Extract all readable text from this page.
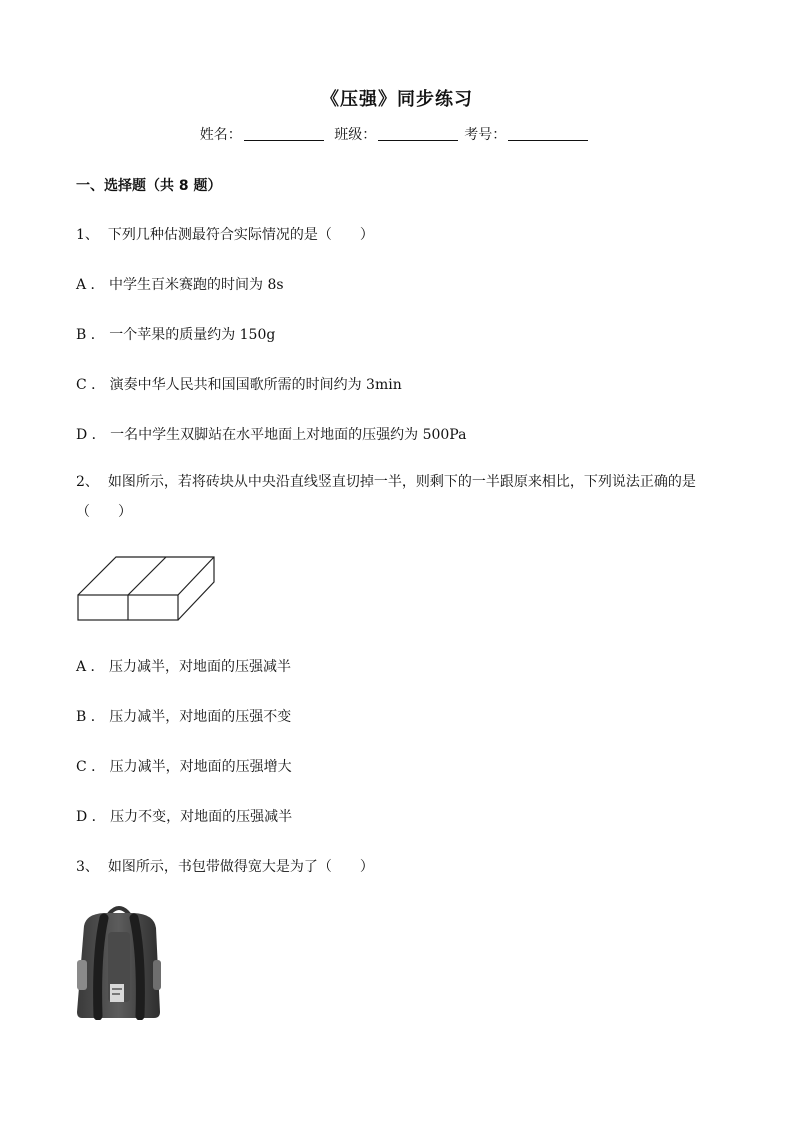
《压强》同步练习
姓名：	班级：	考号：
一、选择题（共 8 题）
1、 下列几种估测最符合实际情况的是（　　）
A ． 中学生百米赛跑的时间为 8s
B ． 一个苹果的质量约为 150g
C ． 演奏中华人民共和国国歌所需的时间约为 3min
D ． 一名中学生双脚站在水平地面上对地面的压强约为 500Pa
2、 如图所示，若将砖块从中央沿直线竖直切掉一半，则剩下的一半跟原来相比，下列说法正确的是（　　）
A ． 压力减半，对地面的压强减半
B ． 压力减半，对地面的压强不变
C ． 压力减半，对地面的压强增大
D ． 压力不变，对地面的压强减半
3、 如图所示，书包带做得宽大是为了（　　）
